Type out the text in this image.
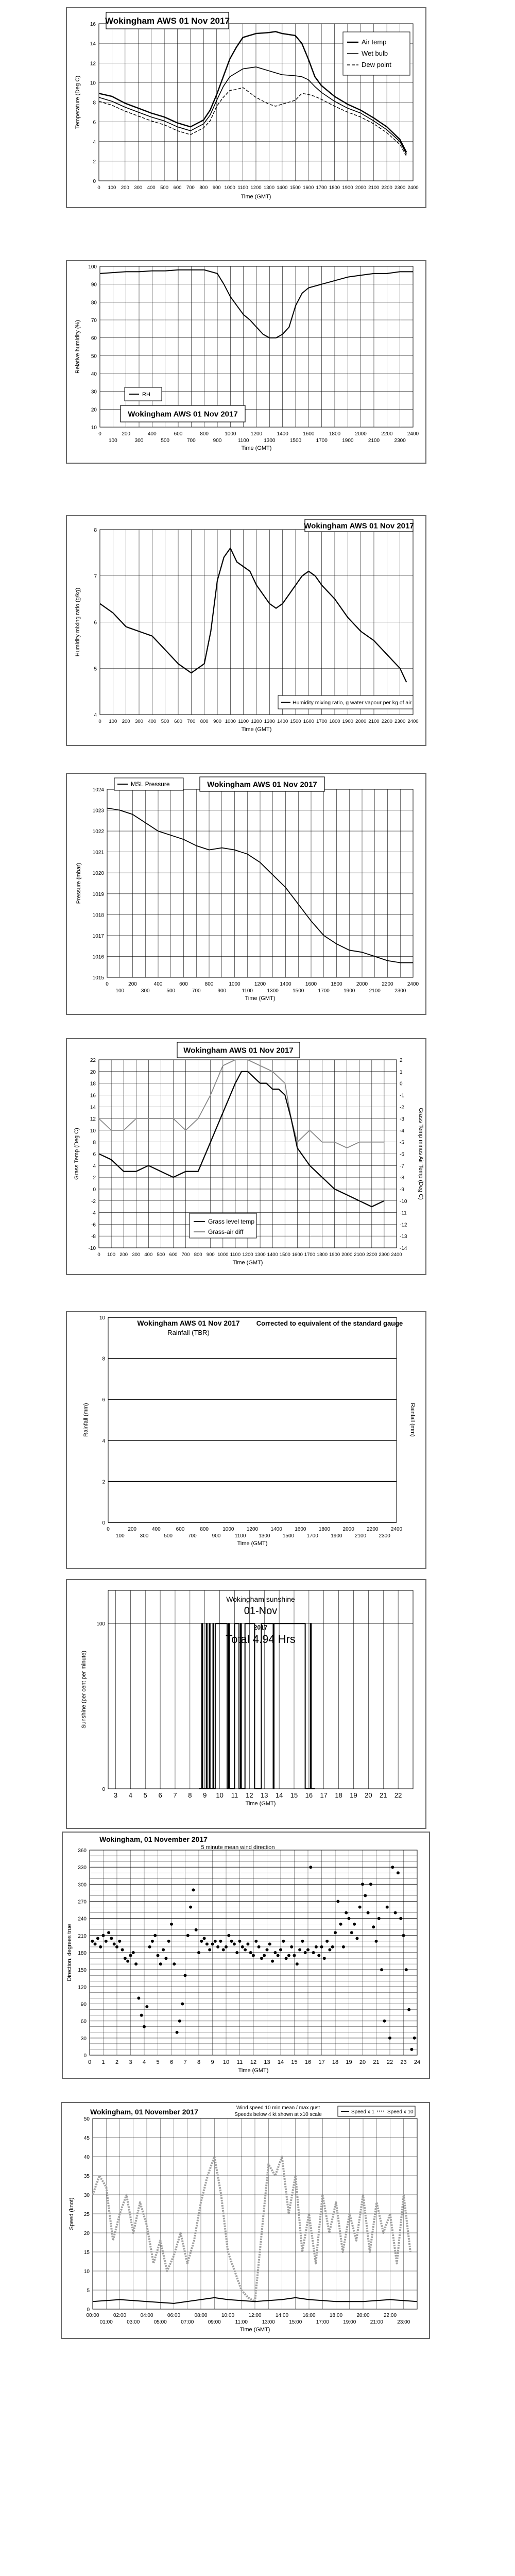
0
2
4
6
8
10
12
14
16
0 100 200 300 400 500 600 700 800 900 1000 1100 1200 1300 1400 1500 1600 1700 1800 1900 2000 2100 2200 2300 2400
Time (GMT)
Temperature (Deg C)
Wokingham AWS 01 Nov 2017
Air temp
Wet bulb
Dew point
10
20
30
40
50
60
70
80
90
100
0	200	400	600	800	1000	1200	1400	1600	1800	2000	2200	2400
100	300	500	700	900	1100	1300	1500	1700	1900	2100	2300
Time (GMT)
Relative humidity (%)
RH
Wokingham AWS 01 Nov 2017
4
5
6
7
8
0 100 200 300 400 500 600 700 800 900 1000 1100 1200 1300 1400 1500 1600 1700 1800 1900 2000 2100 2200 2300 2400
Time (GMT)
Humidity mixing ratio (g/kg)
Wokingham AWS 01 Nov 2017
Humidity mixing ratio, g water vapour per kg of air
1015
1016
1017
1018
1019
1020
1021
1022
1023
1024
0	200	400	600	800	1000	1200	1400	1600	1800	2000	2200	2400
100	300	500	700	900	1100	1300	1500	1700	1900	2100	2300
Time (GMT)
Pressure (mbar)
MSL Pressure	Wokingham AWS 01 Nov 2017
-10
-8
-6
-4
-2
0
2
4
6
8
10
12
14
16
18
20
22
-14
-13
-12
-11
-10
-9
-8
-7
-6
-5
-4
-3
-2
-1
0
1
2
0 100 200 300 400 500 600 700 800 900 1000 1100 1200 1300 1400 1500 1600 1700 1800 1900 2000 2100 2200 2300 2400
Time (GMT)
Grass Temp (Deg C)	Grass Temp minus Air Temp (Deg C)
Wokingham AWS 01 Nov 2017
Grass level temp
Grass-air diff
0
2
4
6
8
10
0	200	400	600	800	1000 1200 1400 1600 1800 2000 2200 2400
100	300	500	700	900	1100 1300 1500 1700 1900 2100 2300
Time (GMT)
Rainfall (mm)	Rainfall (mm)
Wokingham AWS 01 Nov 2017
Rainfall (TBR)
Corrected to equivalent of the standard gauge
0
100
3 4 5 6 7 8 9 10 11 12 13 14 15 16 17 18 19 20 21 22
Time (GMT)
Sunshine (per cent per minute)
Wokingham sunshine
01-Nov
2017
Total 4.94 Hrs
0
30
60
90
120
150
180
210
240
270
300
330
360
0 1 2 3 4 5 6 7 8 9 10 11 12 13 14 15 16 17 18 19 20 21 22 23 24
Time (GMT)
Direction, degrees true
Wokingham, 01 November 2017
5 minute mean wind direction
0
5
10
15
20
25
30
35
40
45
50
00:00	02:00	04:00	06:00	08:00	10:00	12:00	14:00	16:00	18:00	20:00	22:00
01:00	03:00	05:00	07:00	09:00	11:00	13:00	15:00	17:00	19:00	21:00	23:00
Time (GMT)
Speed (knot)
Wokingham, 01 November 2017	Wind speed 10 min mean / max gust
Speeds below 4 kt shown at x10 scale	Speed x 1 Speed x 10
